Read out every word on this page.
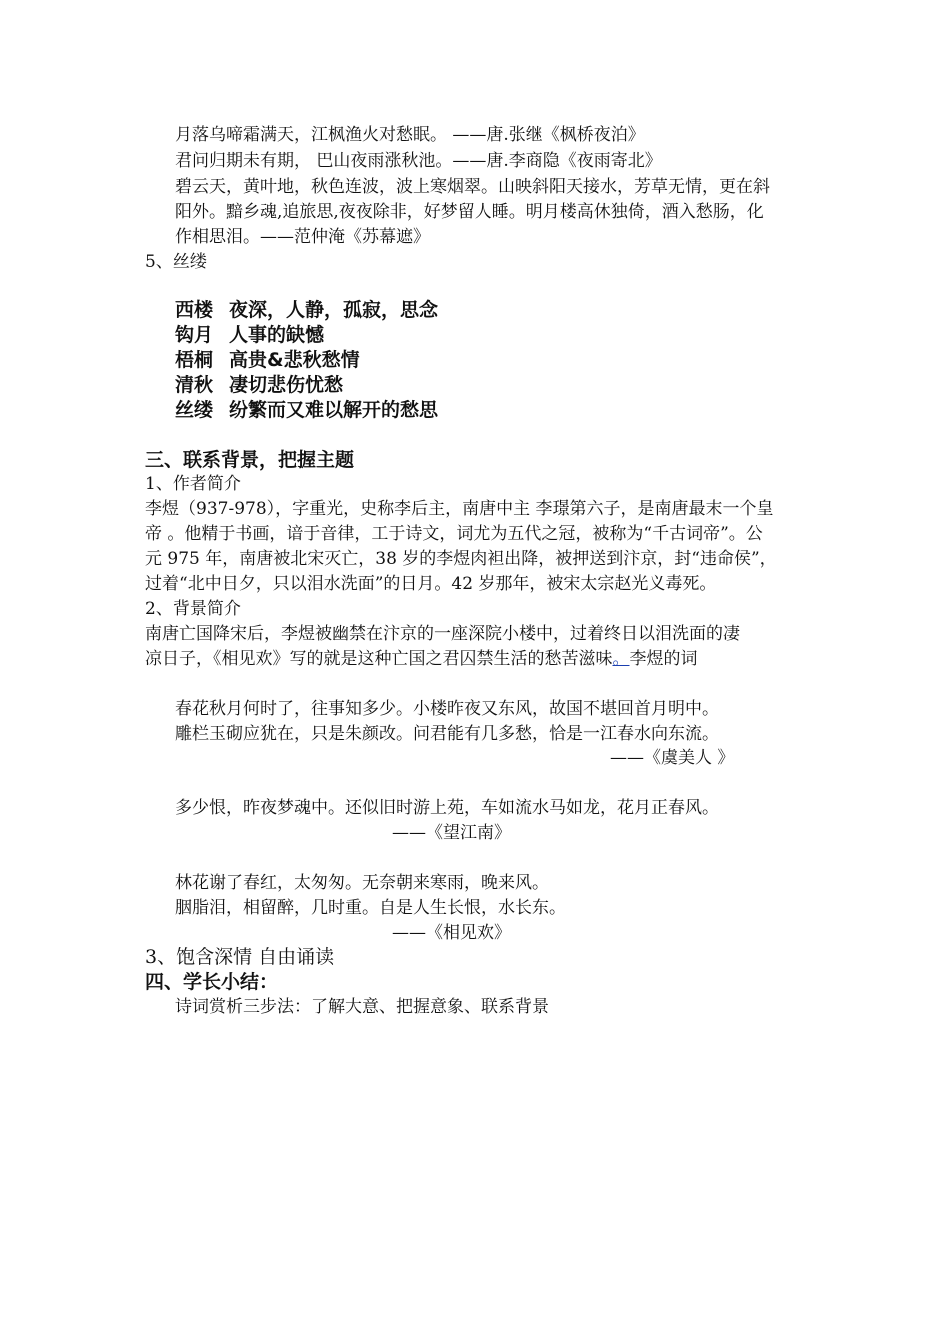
月落乌啼霜满天，江枫渔火对愁眠。 ——唐.张继《枫桥夜泊》
君问归期未有期， 巴山夜雨涨秋池。——唐.李商隐《夜雨寄北》
碧云天，黄叶地，秋色连波，波上寒烟翠。山映斜阳天接水，芳草无情，更在斜
阳外。黯乡魂,追旅思,夜夜除非，好梦留人睡。明月楼高休独倚，酒入愁肠，化
作相思泪。——范仲淹《苏幕遮》
5、丝缕
西楼 夜深，人静，孤寂，思念
钩月 人事的缺憾
梧桐 高贵&悲秋愁情
清秋 凄切悲伤忧愁
丝缕 纷繁而又难以解开的愁思
三、联系背景，把握主题
1、作者简介
李煜（937-978），字重光，史称李后主，南唐中主 李璟第六子，是南唐最末一个皇
帝 。他精于书画，谙于音律，工于诗文，词尤为五代之冠，被称为“千古词帝”。公
元 975 年，南唐被北宋灭亡，38 岁的李煜肉袒出降，被押送到汴京，封“违命侯”，
过着“北中日夕，只以泪水洗面”的日月。42 岁那年，被宋太宗赵光义毒死。
2、背景简介
南唐亡国降宋后，李煜被幽禁在汴京的一座深院小楼中，过着终日以泪洗面的凄
凉日子，《相见欢》写的就是这种亡国之君囚禁生活的愁苦滋味。李煜的词
春花秋月何时了，往事知多少。小楼昨夜又东风，故国不堪回首月明中。
雕栏玉砌应犹在，只是朱颜改。问君能有几多愁，恰是一江春水向东流。
——《虞美人 》
多少恨，昨夜梦魂中。还似旧时游上苑，车如流水马如龙，花月正春风。
——《望江南》
林花谢了春红，太匆匆。无奈朝来寒雨，晚来风。
胭脂泪，相留醉，几时重。自是人生长恨，水长东。
——《相见欢》
3、饱含深情 自由诵读
四、学长小结：
诗词赏析三步法：了解大意、把握意象、联系背景
